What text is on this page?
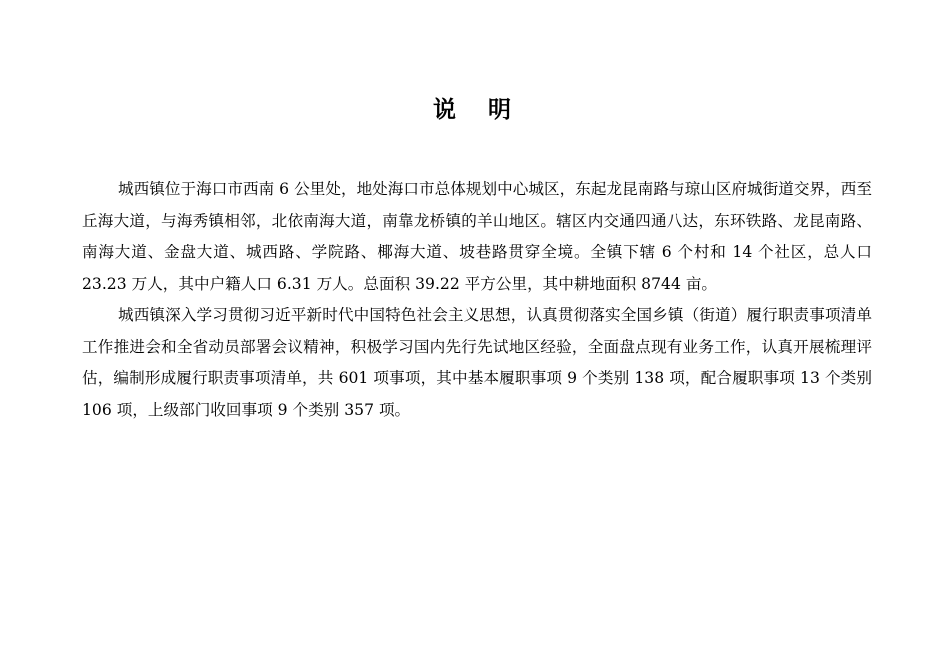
说 明

城西镇位于海口市西南 6 公里处，地处海口市总体规划中心城区，东起龙昆南路与琼山区府城街道交界，西至丘海大道，与海秀镇相邻，北依南海大道，南靠龙桥镇的羊山地区。辖区内交通四通八达，东环铁路、龙昆南路、南海大道、金盘大道、城西路、学院路、椰海大道、坡巷路贯穿全境。全镇下辖 6 个村和 14 个社区，总人口 23.23 万人，其中户籍人口 6.31 万人。总面积 39.22 平方公里，其中耕地面积 8744 亩。

城西镇深入学习贯彻习近平新时代中国特色社会主义思想，认真贯彻落实全国乡镇（街道）履行职责事项清单工作推进会和全省动员部署会议精神，积极学习国内先行先试地区经验，全面盘点现有业务工作，认真开展梳理评估，编制形成履行职责事项清单，共 601 项事项，其中基本履职事项 9 个类别 138 项，配合履职事项 13 个类别 106 项，上级部门收回事项 9 个类别 357 项。
